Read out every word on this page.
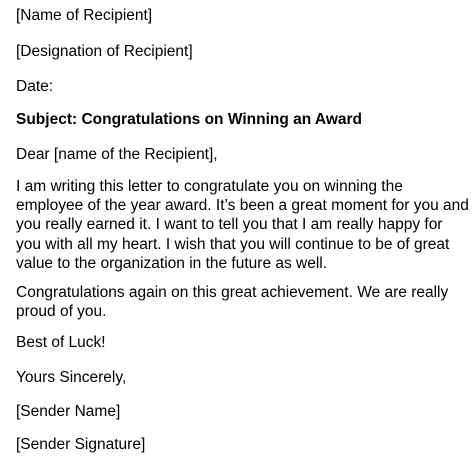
[Name of Recipient]
[Designation of Recipient]
Date:
Subject: Congratulations on Winning an Award
Dear [name of the Recipient],
I am writing this letter to congratulate you on winning the
employee of the year award. It’s been a great moment for you and
you really earned it. I want to tell you that I am really happy for
you with all my heart. I wish that you will continue to be of great
value to the organization in the future as well.
Congratulations again on this great achievement. We are really
proud of you.
Best of Luck!
Yours Sincerely,
[Sender Name]
[Sender Signature]
